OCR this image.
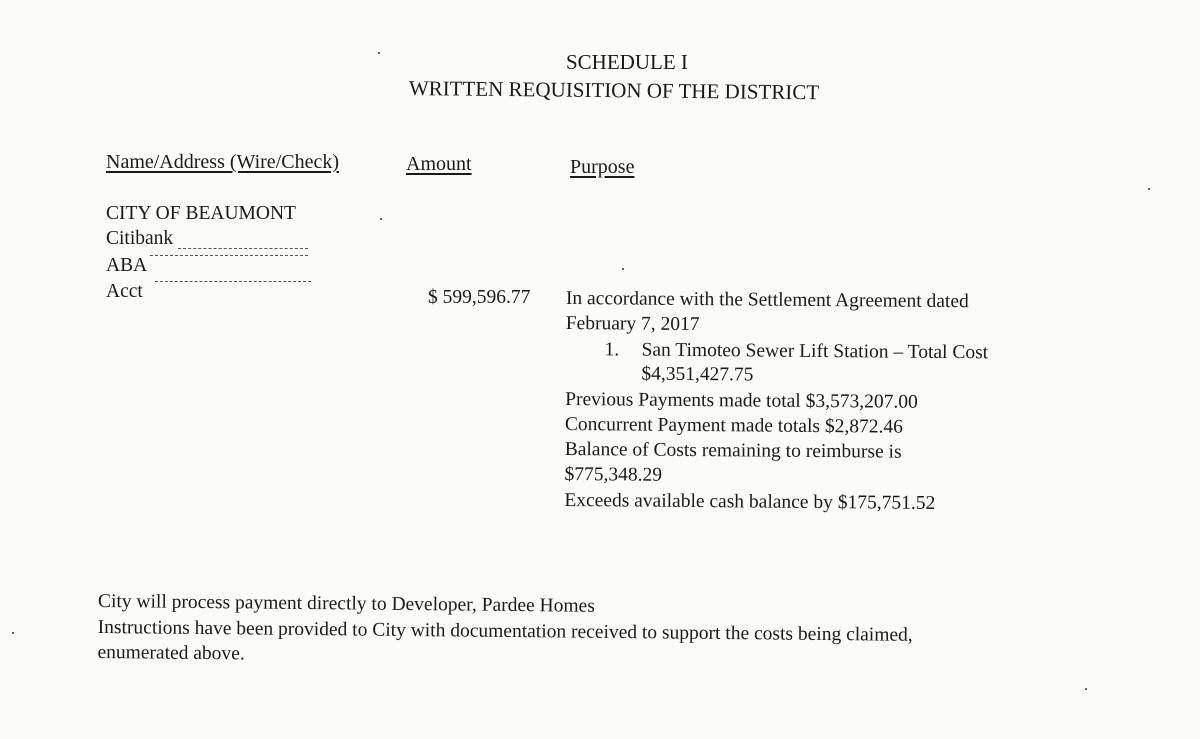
SCHEDULE I
WRITTEN REQUISITION OF THE DISTRICT
Name/Address (Wire/Check)	Amount	Purpose
CITY OF BEAUMONT
Citibank
ABA
Acct	$ 599,596.77 In accordance with the Settlement Agreement dated
February 7, 2017
1. San Timoteo Sewer Lift Station – Total Cost
$4,351,427.75
Previous Payments made total $3,573,207.00
Concurrent Payment made totals $2,872.46
Balance of Costs remaining to reimburse is
$775,348.29
Exceeds available cash balance by $175,751.52
City will process payment directly to Developer, Pardee Homes
Instructions have been provided to City with documentation received to support the costs being claimed,
enumerated above.
